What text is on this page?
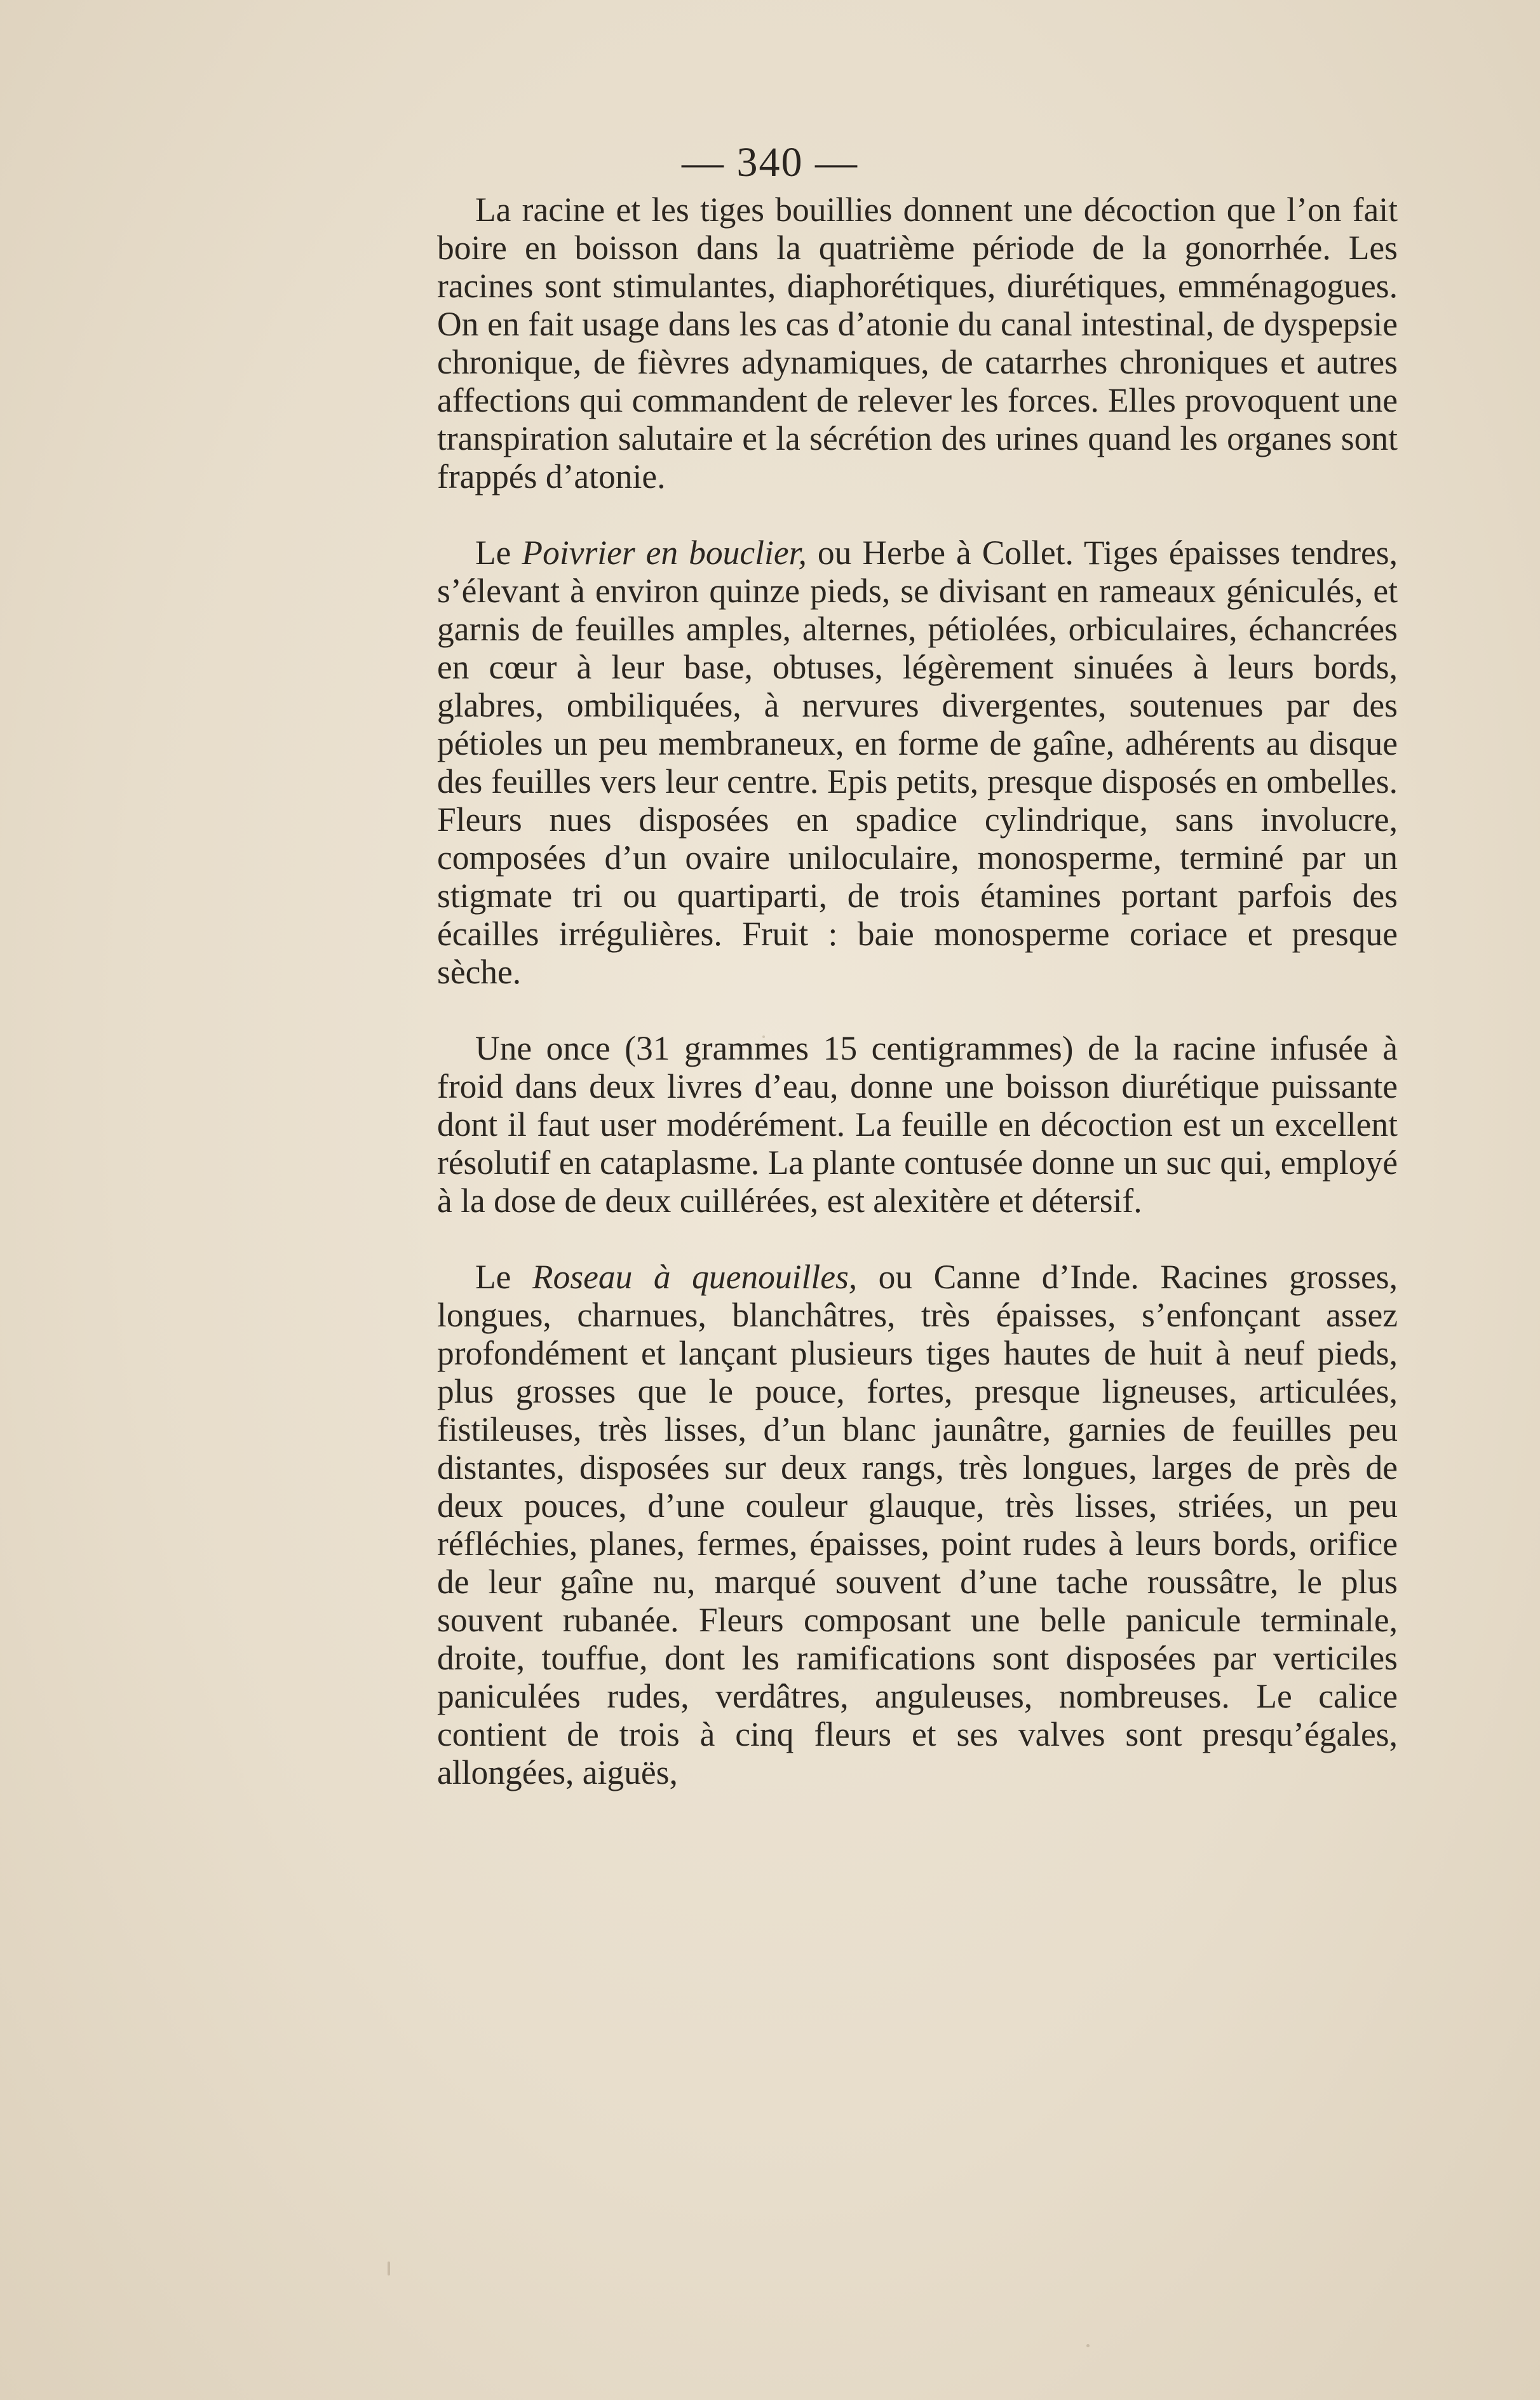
— 340 —

La racine et les tiges bouillies donnent une décoction que l’on fait boire en boisson dans la quatrième période de la gonorrhée. Les racines sont stimulantes, diaphorétiques, diurétiques, emménagogues. On en fait usage dans les cas d’atonie du canal intestinal, de dyspepsie chronique, de fièvres adynamiques, de catarrhes chroniques et autres affections qui commandent de relever les forces. Elles provoquent une transpiration salutaire et la sécrétion des urines quand les organes sont frappés d’atonie.

Le Poivrier en bouclier, ou Herbe à Collet. Tiges épaisses tendres, s’élevant à environ quinze pieds, se divisant en rameaux géniculés, et garnis de feuilles amples, alternes, pétiolées, orbiculaires, échancrées en cœur à leur base, obtuses, légèrement sinuées à leurs bords, glabres, ombiliquées, à nervures divergentes, soutenues par des pétioles un peu membraneux, en forme de gaîne, adhérents au disque des feuilles vers leur centre. Epis petits, presque disposés en ombelles. Fleurs nues disposées en spadice cylindrique, sans involucre, composées d’un ovaire uniloculaire, monosperme, terminé par un stigmate tri ou quartiparti, de trois étamines portant parfois des écailles irrégulières. Fruit : baie monosperme coriace et presque sèche.

Une once (31 grammes 15 centigrammes) de la racine infusée à froid dans deux livres d’eau, donne une boisson diurétique puissante dont il faut user modérément. La feuille en décoction est un excellent résolutif en cataplasme. La plante contusée donne un suc qui, employé à la dose de deux cuillérées, est alexitère et détersif.

Le Roseau à quenouilles, ou Canne d’Inde. Racines grosses, longues, charnues, blanchâtres, très épaisses, s’enfonçant assez profondément et lançant plusieurs tiges hautes de huit à neuf pieds, plus grosses que le pouce, fortes, presque ligneuses, articulées, fistileuses, très lisses, d’un blanc jaunâtre, garnies de feuilles peu distantes, disposées sur deux rangs, très longues, larges de près de deux pouces, d’une couleur glauque, très lisses, striées, un peu réfléchies, planes, fermes, épaisses, point rudes à leurs bords, orifice de leur gaîne nu, marqué souvent d’une tache roussâtre, le plus souvent rubanée. Fleurs composant une belle panicule terminale, droite, touffue, dont les ramifications sont disposées par verticiles paniculées rudes, verdâtres, anguleuses, nombreuses. Le calice contient de trois à cinq fleurs et ses valves sont presqu’égales, allongées, aiguës,
